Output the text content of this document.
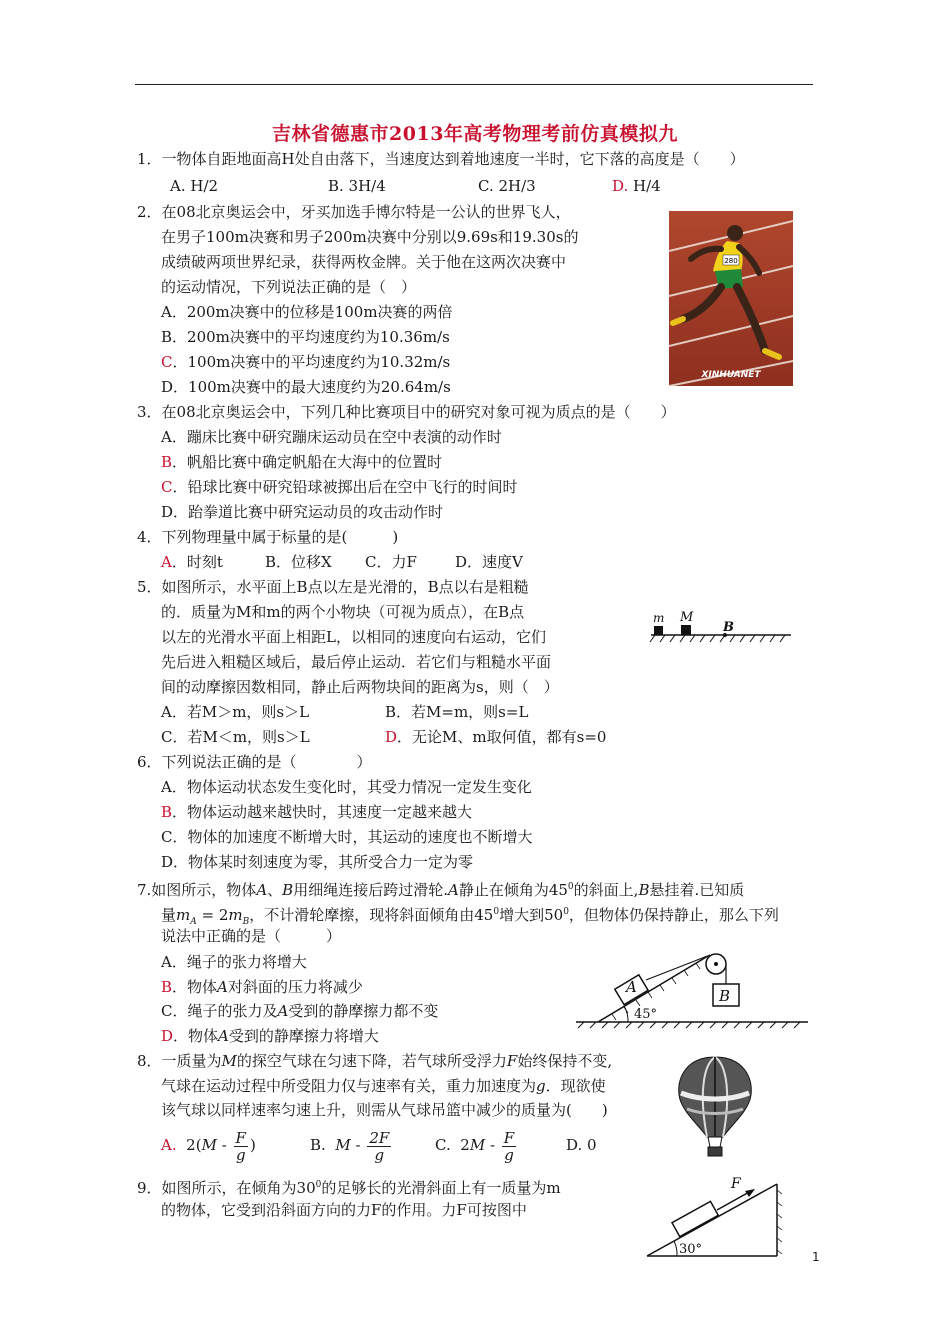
吉林省德惠市2013年高考物理考前仿真模拟九
1．一物体自距地面高H处自由落下，当速度达到着地速度一半时，它下落的高度是（　　）
A. H/2	B. 3H/4	C. 2H/3	D. H/4
2．在08北京奥运会中，牙买加选手博尔特是一公认的世界飞人，
在男子100m决赛和男子200m决赛中分别以9.69s和19.30s的
成绩破两项世界纪录，获得两枚金牌。关于他在这两次决赛中
的运动情况，下列说法正确的是（　）
A．200m决赛中的位移是100m决赛的两倍
B．200m决赛中的平均速度约为10.36m/s
C．100m决赛中的平均速度约为10.32m/s
D．100m决赛中的最大速度约为20.64m/s
280
XINHUANET
3．在08北京奥运会中，下列几种比赛项目中的研究对象可视为质点的是（　　）
A．蹦床比赛中研究蹦床运动员在空中表演的动作时
B．帆船比赛中确定帆船在大海中的位置时
C．铅球比赛中研究铅球被掷出后在空中飞行的时间时
D．跆拳道比赛中研究运动员的攻击动作时
4．下列物理量中属于标量的是(　　　)
A．时刻t	B．位移X C．力F	D．速度V
5．如图所示，水平面上B点以左是光滑的，B点以右是粗糙
的．质量为M和m的两个小物块（可视为质点），在B点
以左的光滑水平面上相距L，以相同的速度向右运动，它们
先后进入粗糙区域后，最后停止运动．若它们与粗糙水平面
间的动摩擦因数相同，静止后两物块间的距离为s，则（　）
A．若M＞m，则s＞L	B．若M=m，则s=L
C．若M＜m，则s＞L	D．无论M、m取何值，都有s=0
m M
B
6．下列说法正确的是（　　　　）
A．物体运动状态发生变化时，其受力情况一定发生变化
B．物体运动越来越快时，其速度一定越来越大
C．物体的加速度不断增大时，其运动的速度也不断增大
D．物体某时刻速度为零，其所受合力一定为零
7.如图所示，物体A、B用细绳连接后跨过滑轮.A静止在倾角为$45^0$的斜面上,B悬挂着.已知质
量$m_A = 2m_B$，不计滑轮摩擦，现将斜面倾角由$45^0$增大到$50^0$，但物体仍保持静止，那么下列
说法中正确的是（　　　）
A．绳子的张力将增大
B．物体A对斜面的压力将减少
C．绳子的张力及A受到的静摩擦力都不变
D．物体A受到的静摩擦力将增大
A	B
45°
8．一质量为M的探空气球在匀速下降，若气球所受浮力F始终保持不变,
气球在运动过程中所受阻力仅与速率有关，重力加速度为g．现欲使
该气球以同样速率匀速上升，则需从气球吊篮中减少的质量为(　　)
A. $2(M - \frac{F}{g}$ )	B. M - $\frac{2F}{g}$	C. $2M - \frac{F}{g}$	D. 0
9．如图所示，在倾角为$30^0$的足够长的光滑斜面上有一质量为m
的物体，它受到沿斜面方向的力F的作用。力F可按图中
F
30°	1
